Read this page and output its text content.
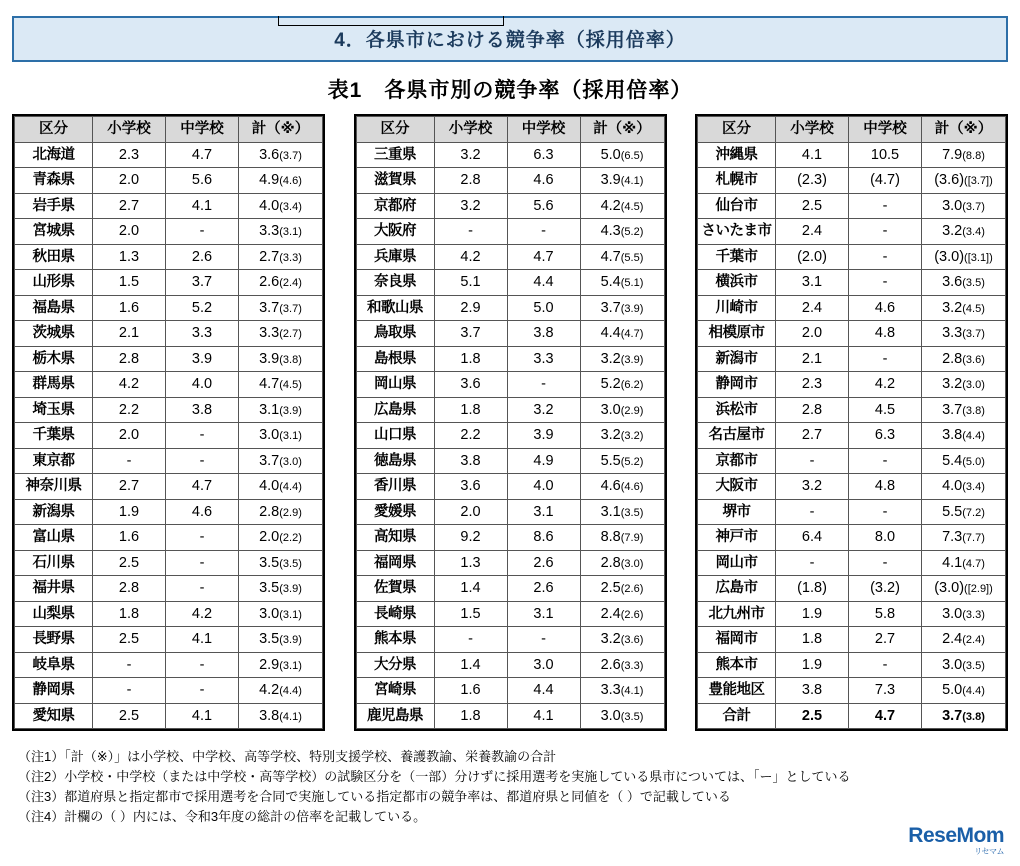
4．各県市における競争率（採用倍率）
表1　各県市別の競争率（採用倍率）
区分	小学校	中学校	計（※）
北海道	2.3	4.7	3.6(3.7)
青森県	2.0	5.6	4.9(4.6)
岩手県	2.7	4.1	4.0(3.4)
宮城県	2.0	-	3.3(3.1)
秋田県	1.3	2.6	2.7(3.3)
山形県	1.5	3.7	2.6(2.4)
福島県	1.6	5.2	3.7(3.7)
茨城県	2.1	3.3	3.3(2.7)
栃木県	2.8	3.9	3.9(3.8)
群馬県	4.2	4.0	4.7(4.5)
埼玉県	2.2	3.8	3.1(3.9)
千葉県	2.0	-	3.0(3.1)
東京都	-	-	3.7(3.0)
神奈川県	2.7	4.7	4.0(4.4)
新潟県	1.9	4.6	2.8(2.9)
富山県	1.6	-	2.0(2.2)
石川県	2.5	-	3.5(3.5)
福井県	2.8	-	3.5(3.9)
山梨県	1.8	4.2	3.0(3.1)
長野県	2.5	4.1	3.5(3.9)
岐阜県	-	-	2.9(3.1)
静岡県	-	-	4.2(4.4)
愛知県	2.5	4.1	3.8(4.1)
区分	小学校	中学校	計（※）
三重県	3.2	6.3	5.0(6.5)
滋賀県	2.8	4.6	3.9(4.1)
京都府	3.2	5.6	4.2(4.5)
大阪府	-	-	4.3(5.2)
兵庫県	4.2	4.7	4.7(5.5)
奈良県	5.1	4.4	5.4(5.1)
和歌山県	2.9	5.0	3.7(3.9)
鳥取県	3.7	3.8	4.4(4.7)
島根県	1.8	3.3	3.2(3.9)
岡山県	3.6	-	5.2(6.2)
広島県	1.8	3.2	3.0(2.9)
山口県	2.2	3.9	3.2(3.2)
徳島県	3.8	4.9	5.5(5.2)
香川県	3.6	4.0	4.6(4.6)
愛媛県	2.0	3.1	3.1(3.5)
高知県	9.2	8.6	8.8(7.9)
福岡県	1.3	2.6	2.8(3.0)
佐賀県	1.4	2.6	2.5(2.6)
長崎県	1.5	3.1	2.4(2.6)
熊本県	-	-	3.2(3.6)
大分県	1.4	3.0	2.6(3.3)
宮崎県	1.6	4.4	3.3(4.1)
鹿児島県	1.8	4.1	3.0(3.5)
区分	小学校	中学校	計（※）
沖縄県	4.1	10.5	7.9(8.8)
札幌市	(2.3)	(4.7)	(3.6)([3.7])
仙台市	2.5	-	3.0(3.7)
さいたま市	2.4	-	3.2(3.4)
千葉市	(2.0)	-	(3.0)([3.1])
横浜市	3.1	-	3.6(3.5)
川崎市	2.4	4.6	3.2(4.5)
相模原市	2.0	4.8	3.3(3.7)
新潟市	2.1	-	2.8(3.6)
静岡市	2.3	4.2	3.2(3.0)
浜松市	2.8	4.5	3.7(3.8)
名古屋市	2.7	6.3	3.8(4.4)
京都市	-	-	5.4(5.0)
大阪市	3.2	4.8	4.0(3.4)
堺市	-	-	5.5(7.2)
神戸市	6.4	8.0	7.3(7.7)
岡山市	-	-	4.1(4.7)
広島市	(1.8)	(3.2)	(3.0)([2.9])
北九州市	1.9	5.8	3.0(3.3)
福岡市	1.8	2.7	2.4(2.4)
熊本市	1.9	-	3.0(3.5)
豊能地区	3.8	7.3	5.0(4.4)
合計	2.5	4.7	3.7(3.8)
（注1）「計（※）」は小学校、中学校、高等学校、特別支援学校、養護教諭、栄養教諭の合計
（注2）小学校・中学校（または中学校・高等学校）の試験区分を（一部）分けずに採用選考を実施している県市については、「ー」としている
（注3）都道府県と指定都市で採用選考を合同で実施している指定都市の競争率は、都道府県と同値を（ ）で記載している
（注4）計欄の（ ）内には、令和3年度の総計の倍率を記載している。
ReseMom
リセマム
